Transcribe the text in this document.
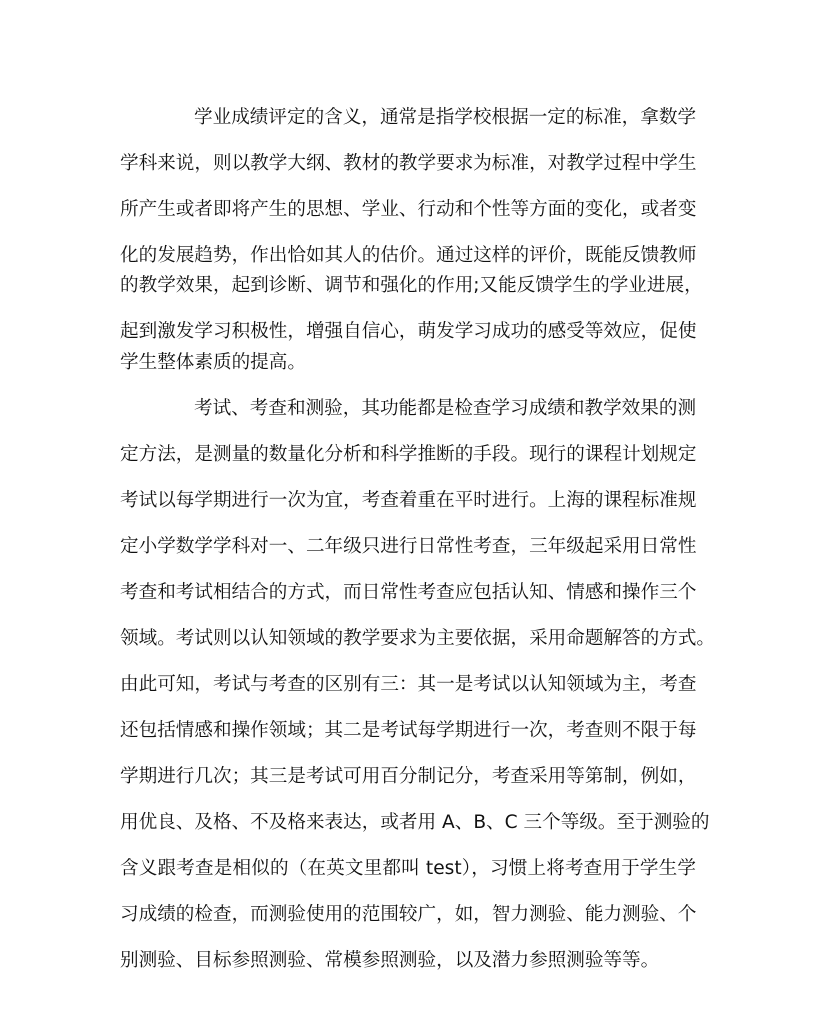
学业成绩评定的含义，通常是指学校根据一定的标准，拿数学
学科来说，则以教学大纲、教材的教学要求为标准，对教学过程中学生
所产生或者即将产生的思想、学业、行动和个性等方面的变化，或者变
化的发展趋势，作出恰如其人的估价。通过这样的评价，既能反馈教师
的教学效果，起到诊断、调节和强化的作用;又能反馈学生的学业进展，
起到激发学习积极性，增强自信心，萌发学习成功的感受等效应，促使
学生整体素质的提高。
考试、考查和测验，其功能都是检查学习成绩和教学效果的测
定方法，是测量的数量化分析和科学推断的手段。现行的课程计划规定
考试以每学期进行一次为宜，考查着重在平时进行。上海的课程标准规
定小学数学学科对一、二年级只进行日常性考查，三年级起采用日常性
考查和考试相结合的方式，而日常性考查应包括认知、情感和操作三个
领域。考试则以认知领域的教学要求为主要依据，采用命题解答的方式。
由此可知，考试与考查的区别有三：其一是考试以认知领域为主，考查
还包括情感和操作领域；其二是考试每学期进行一次，考查则不限于每
学期进行几次；其三是考试可用百分制记分，考查采用等第制，例如，
用优良、及格、不及格来表达，或者用 A、B、C 三个等级。至于测验的
含义跟考查是相似的（在英文里都叫 test），习惯上将考查用于学生学
习成绩的检查，而测验使用的范围较广，如，智力测验、能力测验、个
别测验、目标参照测验、常模参照测验，以及潜力参照测验等等。
